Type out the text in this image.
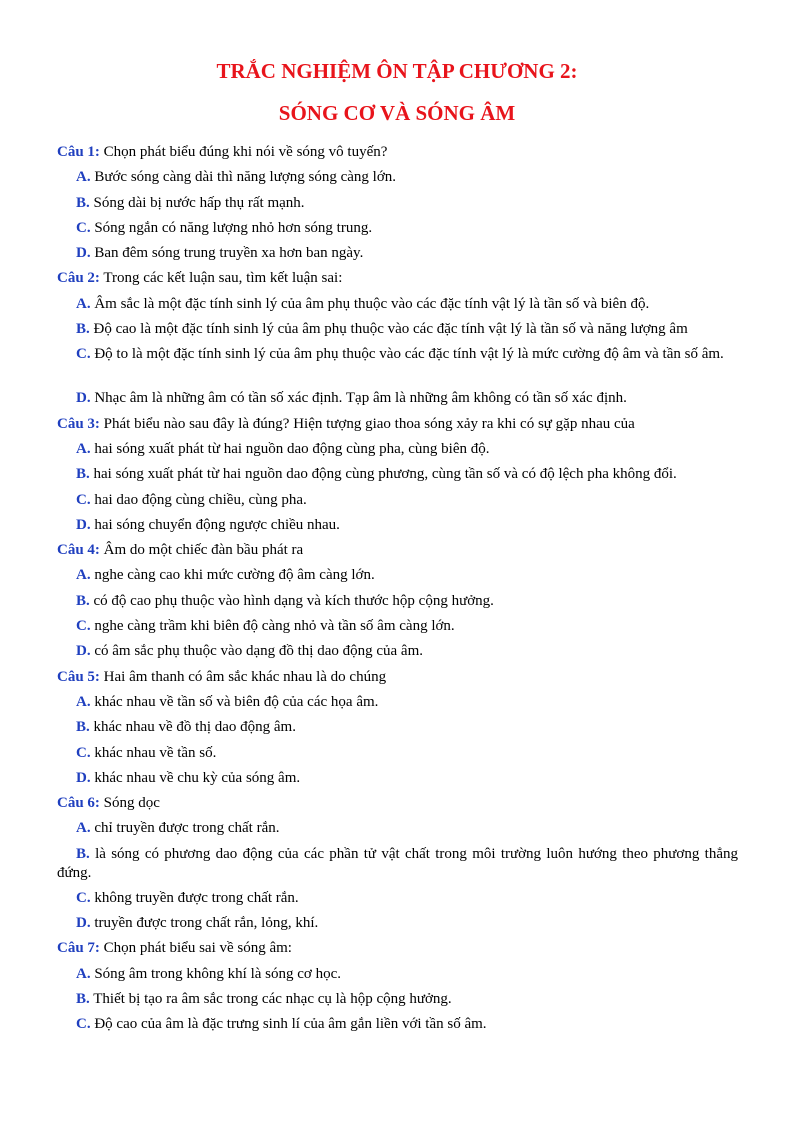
TRẮC NGHIỆM ÔN TẬP CHƯƠNG 2:
SÓNG CƠ VÀ SÓNG ÂM

Câu 1: Chọn phát biểu đúng khi nói về sóng vô tuyến?

A. Bước sóng càng dài thì năng lượng sóng càng lớn.

B. Sóng dài bị nước hấp thụ rất mạnh.

C. Sóng ngắn có năng lượng nhỏ hơn sóng trung.

D. Ban đêm sóng trung truyền xa hơn ban ngày.

Câu 2: Trong các kết luận sau, tìm kết luận sai:

A. Âm sắc là một đặc tính sinh lý của âm phụ thuộc vào các đặc tính vật lý là tần số và biên độ.

B. Độ cao là một đặc tính sinh lý của âm phụ thuộc vào các đặc tính vật lý là tần số và năng lượng âm

C. Độ to là một đặc tính sinh lý của âm phụ thuộc vào các đặc tính vật lý là mức cường độ âm và tần số âm.

D. Nhạc âm là những âm có tần số xác định. Tạp âm là những âm không có tần số xác định.

Câu 3: Phát biểu nào sau đây là đúng? Hiện tượng giao thoa sóng xảy ra khi có sự gặp nhau của

A. hai sóng xuất phát từ hai nguồn dao động cùng pha, cùng biên độ.

B. hai sóng xuất phát từ hai nguồn dao động cùng phương, cùng tần số và có độ lệch pha không đổi.

C. hai dao động cùng chiều, cùng pha.

D. hai sóng chuyển động ngược chiều nhau.

Câu 4: Âm do một chiếc đàn bầu phát ra

A. nghe càng cao khi mức cường độ âm càng lớn.

B. có độ cao phụ thuộc vào hình dạng và kích thước hộp cộng hưởng.

C. nghe càng trầm khi biên độ càng nhỏ và tần số âm càng lớn.

D. có âm sắc phụ thuộc vào dạng đồ thị dao động của âm.

Câu 5: Hai âm thanh có âm sắc khác nhau là do chúng

A. khác nhau về tần số và biên độ của các họa âm.

B. khác nhau về đồ thị dao động âm.

C. khác nhau về tần số.

D. khác nhau về chu kỳ của sóng âm.

Câu 6: Sóng dọc

A. chỉ truyền được trong chất rắn.

B. là sóng có phương dao động của các phần tử vật chất trong môi trường luôn hướng theo phương thẳng đứng.

C. không truyền được trong chất rắn.

D. truyền được trong chất rắn, lỏng, khí.

Câu 7: Chọn phát biểu sai về sóng âm:

A. Sóng âm trong không khí là sóng cơ học.

B. Thiết bị tạo ra âm sắc trong các nhạc cụ là hộp cộng hưởng.

C. Độ cao của âm là đặc trưng sinh lí của âm gắn liền với tần số âm.
